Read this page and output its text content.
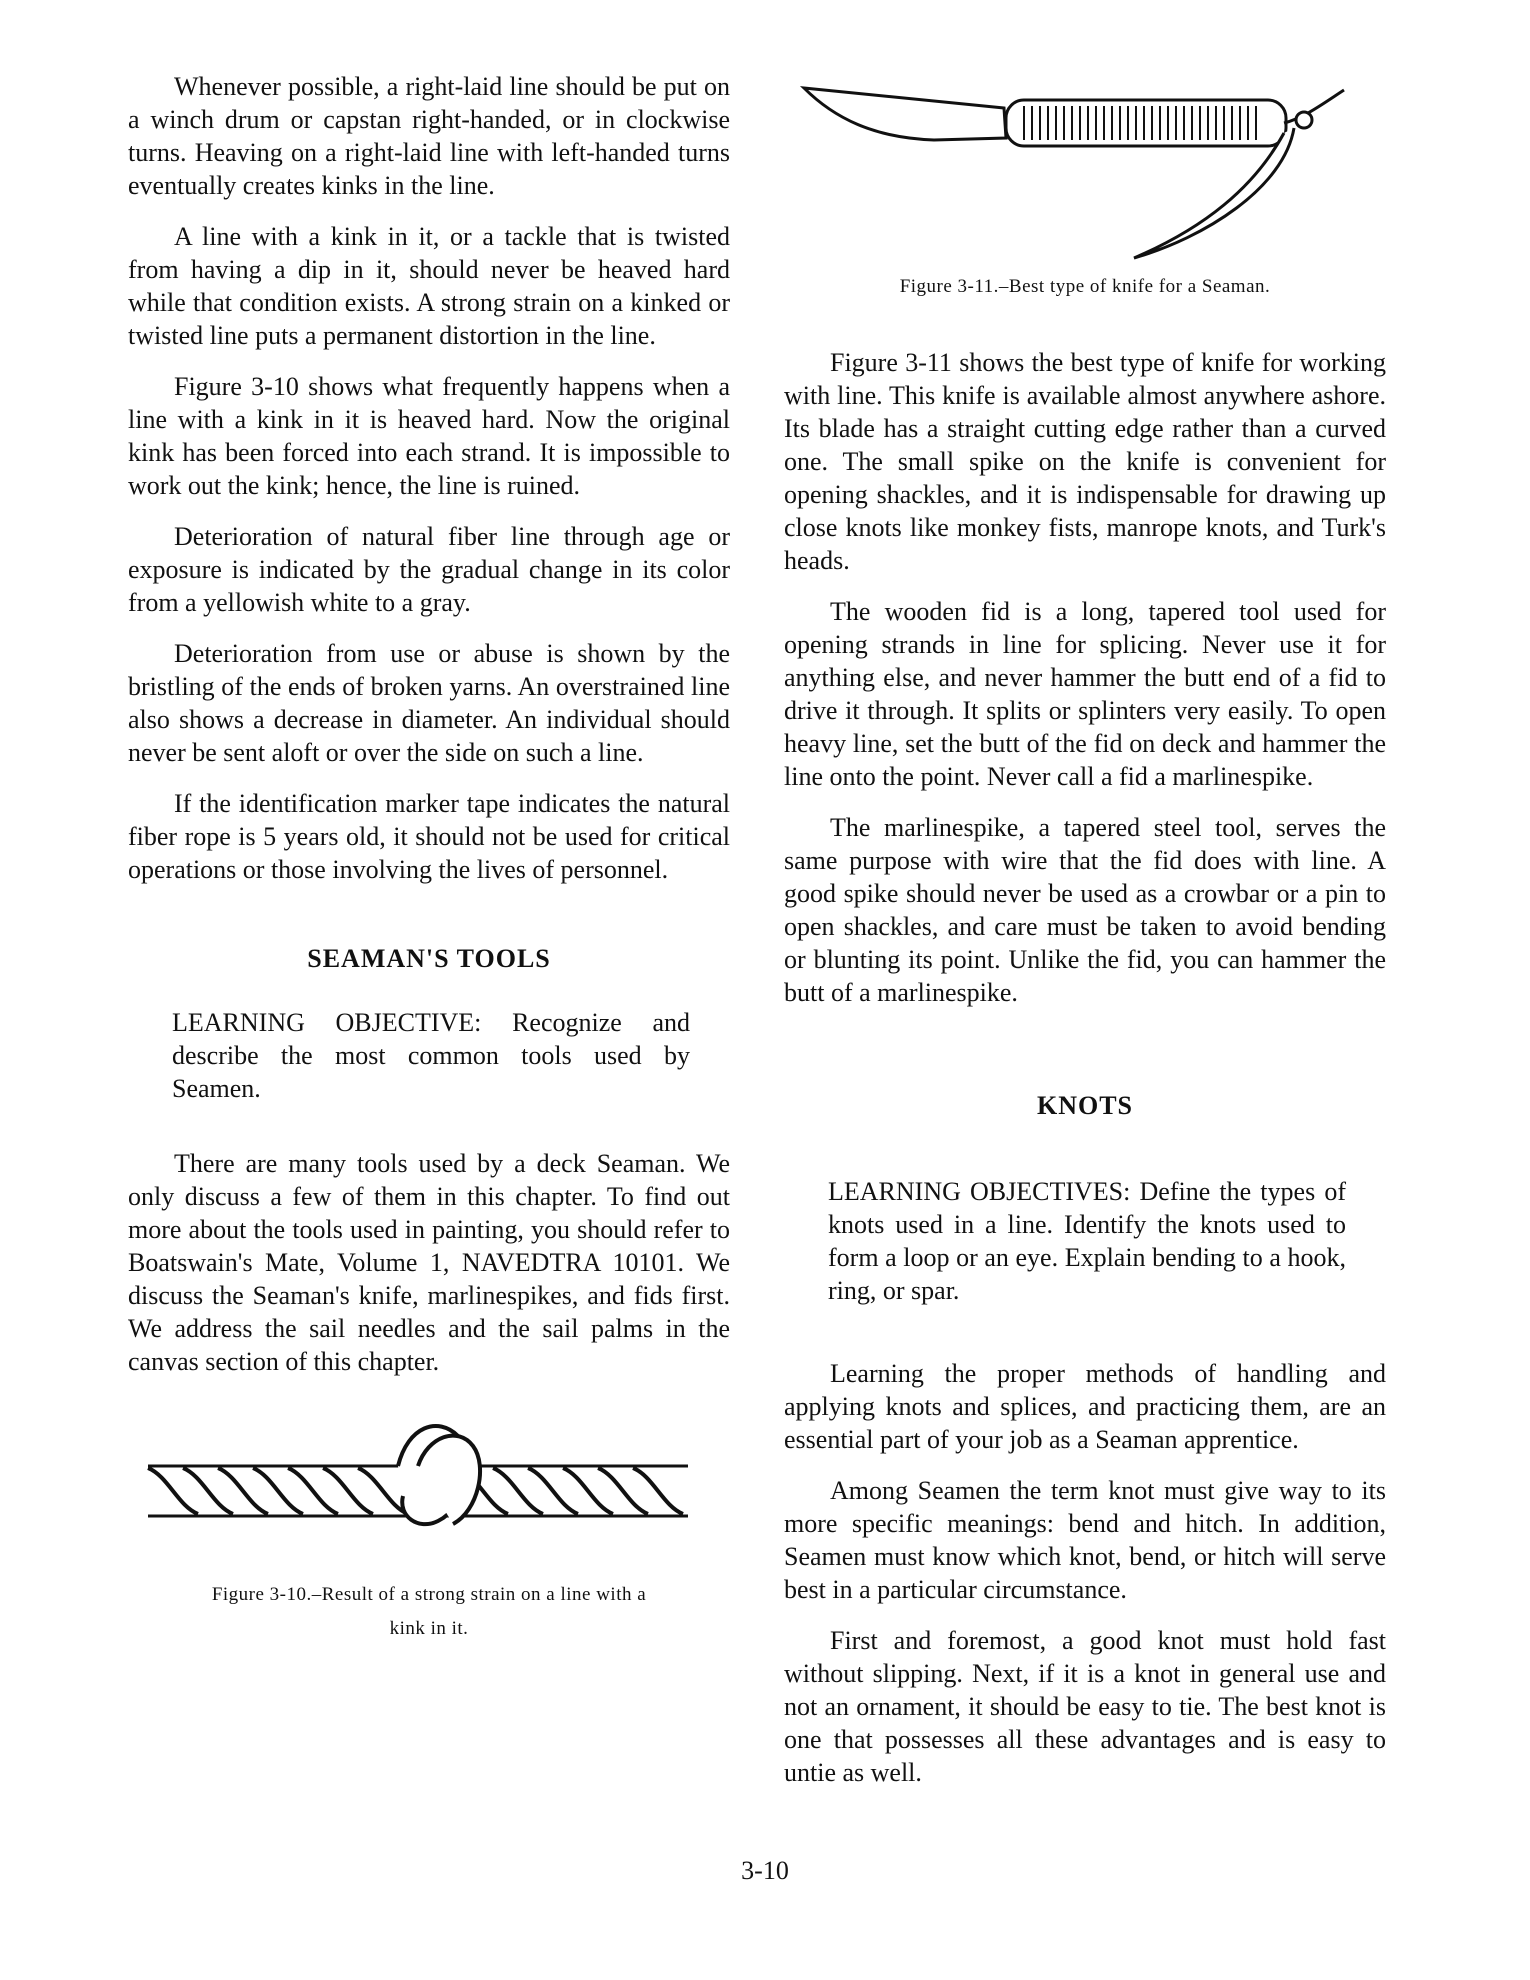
Whenever possible, a right-laid line should be put on a winch drum or capstan right-handed, or in clockwise turns. Heaving on a right-laid line with left-handed turns eventually creates kinks in the line.

A line with a kink in it, or a tackle that is twisted from having a dip in it, should never be heaved hard while that condition exists. A strong strain on a kinked or twisted line puts a permanent distortion in the line.

Figure 3-10 shows what frequently happens when a line with a kink in it is heaved hard. Now the original kink has been forced into each strand. It is impossible to work out the kink; hence, the line is ruined.

Deterioration of natural fiber line through age or exposure is indicated by the gradual change in its color from a yellowish white to a gray.

Deterioration from use or abuse is shown by the bristling of the ends of broken yarns. An overstrained line also shows a decrease in diameter. An individual should never be sent aloft or over the side on such a line.

If the identification marker tape indicates the natural fiber rope is 5 years old, it should not be used for critical operations or those involving the lives of personnel.

SEAMAN'S TOOLS

LEARNING OBJECTIVE: Recognize and describe the most common tools used by Seamen.

There are many tools used by a deck Seaman. We only discuss a few of them in this chapter. To find out more about the tools used in painting, you should refer to Boatswain's Mate, Volume 1, NAVEDTRA 10101. We discuss the Seaman's knife, marlinespikes, and fids first. We address the sail needles and the sail palms in the canvas section of this chapter.

Figure 3-10.–Result of a strong strain on a line with a

kink in it.

Figure 3-11.–Best type of knife for a Seaman.

Figure 3-11 shows the best type of knife for working with line. This knife is available almost anywhere ashore. Its blade has a straight cutting edge rather than a curved one. The small spike on the knife is convenient for opening shackles, and it is indispensable for drawing up close knots like monkey fists, manrope knots, and Turk's heads.

The wooden fid is a long, tapered tool used for opening strands in line for splicing. Never use it for anything else, and never hammer the butt end of a fid to drive it through. It splits or splinters very easily. To open heavy line, set the butt of the fid on deck and hammer the line onto the point. Never call a fid a marlinespike.

The marlinespike, a tapered steel tool, serves the same purpose with wire that the fid does with line. A good spike should never be used as a crowbar or a pin to open shackles, and care must be taken to avoid bending or blunting its point. Unlike the fid, you can hammer the butt of a marlinespike.

KNOTS

LEARNING OBJECTIVES: Define the types of knots used in a line. Identify the knots used to form a loop or an eye. Explain bending to a hook, ring, or spar.

Learning the proper methods of handling and applying knots and splices, and practicing them, are an essential part of your job as a Seaman apprentice.

Among Seamen the term knot must give way to its more specific meanings: bend and hitch. In addition, Seamen must know which knot, bend, or hitch will serve best in a particular circumstance.

First and foremost, a good knot must hold fast without slipping. Next, if it is a knot in general use and not an ornament, it should be easy to tie. The best knot is one that possesses all these advantages and is easy to untie as well.

3-10
